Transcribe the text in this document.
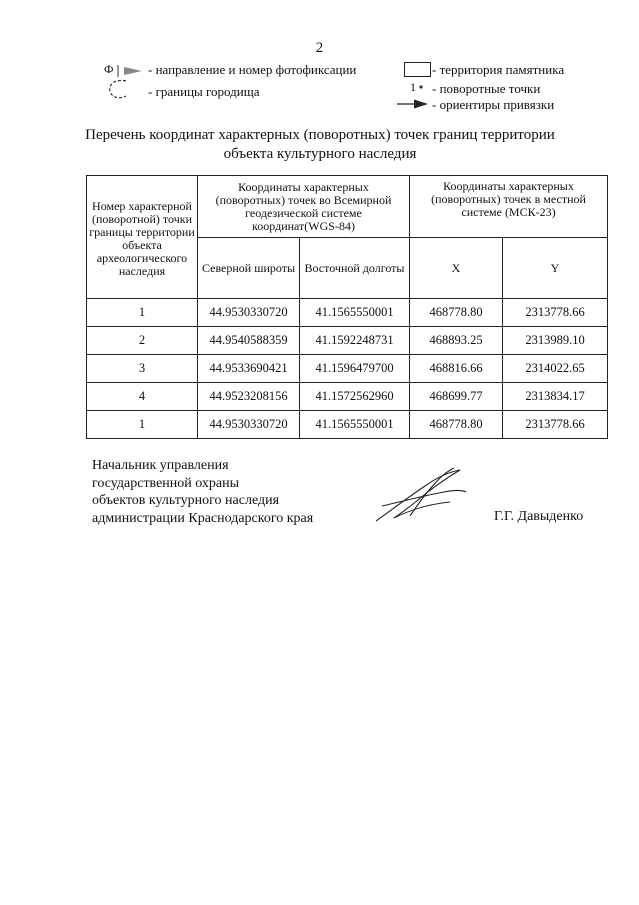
2
Ф	- направление и номер фотофиксации
- границы городища
- территория памятника
1 - поворотные точки
- ориентиры привязки
Перечень координат характерных (поворотных) точек границ территории объекта культурного наследия
Номер характерной (поворотной) точки границы территории объекта археологического наследия	Координаты характерных (поворотных) точек во Всемирной геодезической системе координат(WGS-84)		Координаты характерных (поворотных) точек в местной системе (МСК-23)	
	Северной широты	Восточной долготы	X	Y
1	44.9530330720	41.1565550001	468778.80	2313778.66
2	44.9540588359	41.1592248731	468893.25	2313989.10
3	44.9533690421	41.1596479700	468816.66	2314022.65
4	44.9523208156	41.1572562960	468699.77	2313834.17
1	44.9530330720	41.1565550001	468778.80	2313778.66
Начальник управления
государственной охраны
объектов культурного наследия
администрации Краснодарского края	Г.Г. Давыденко
